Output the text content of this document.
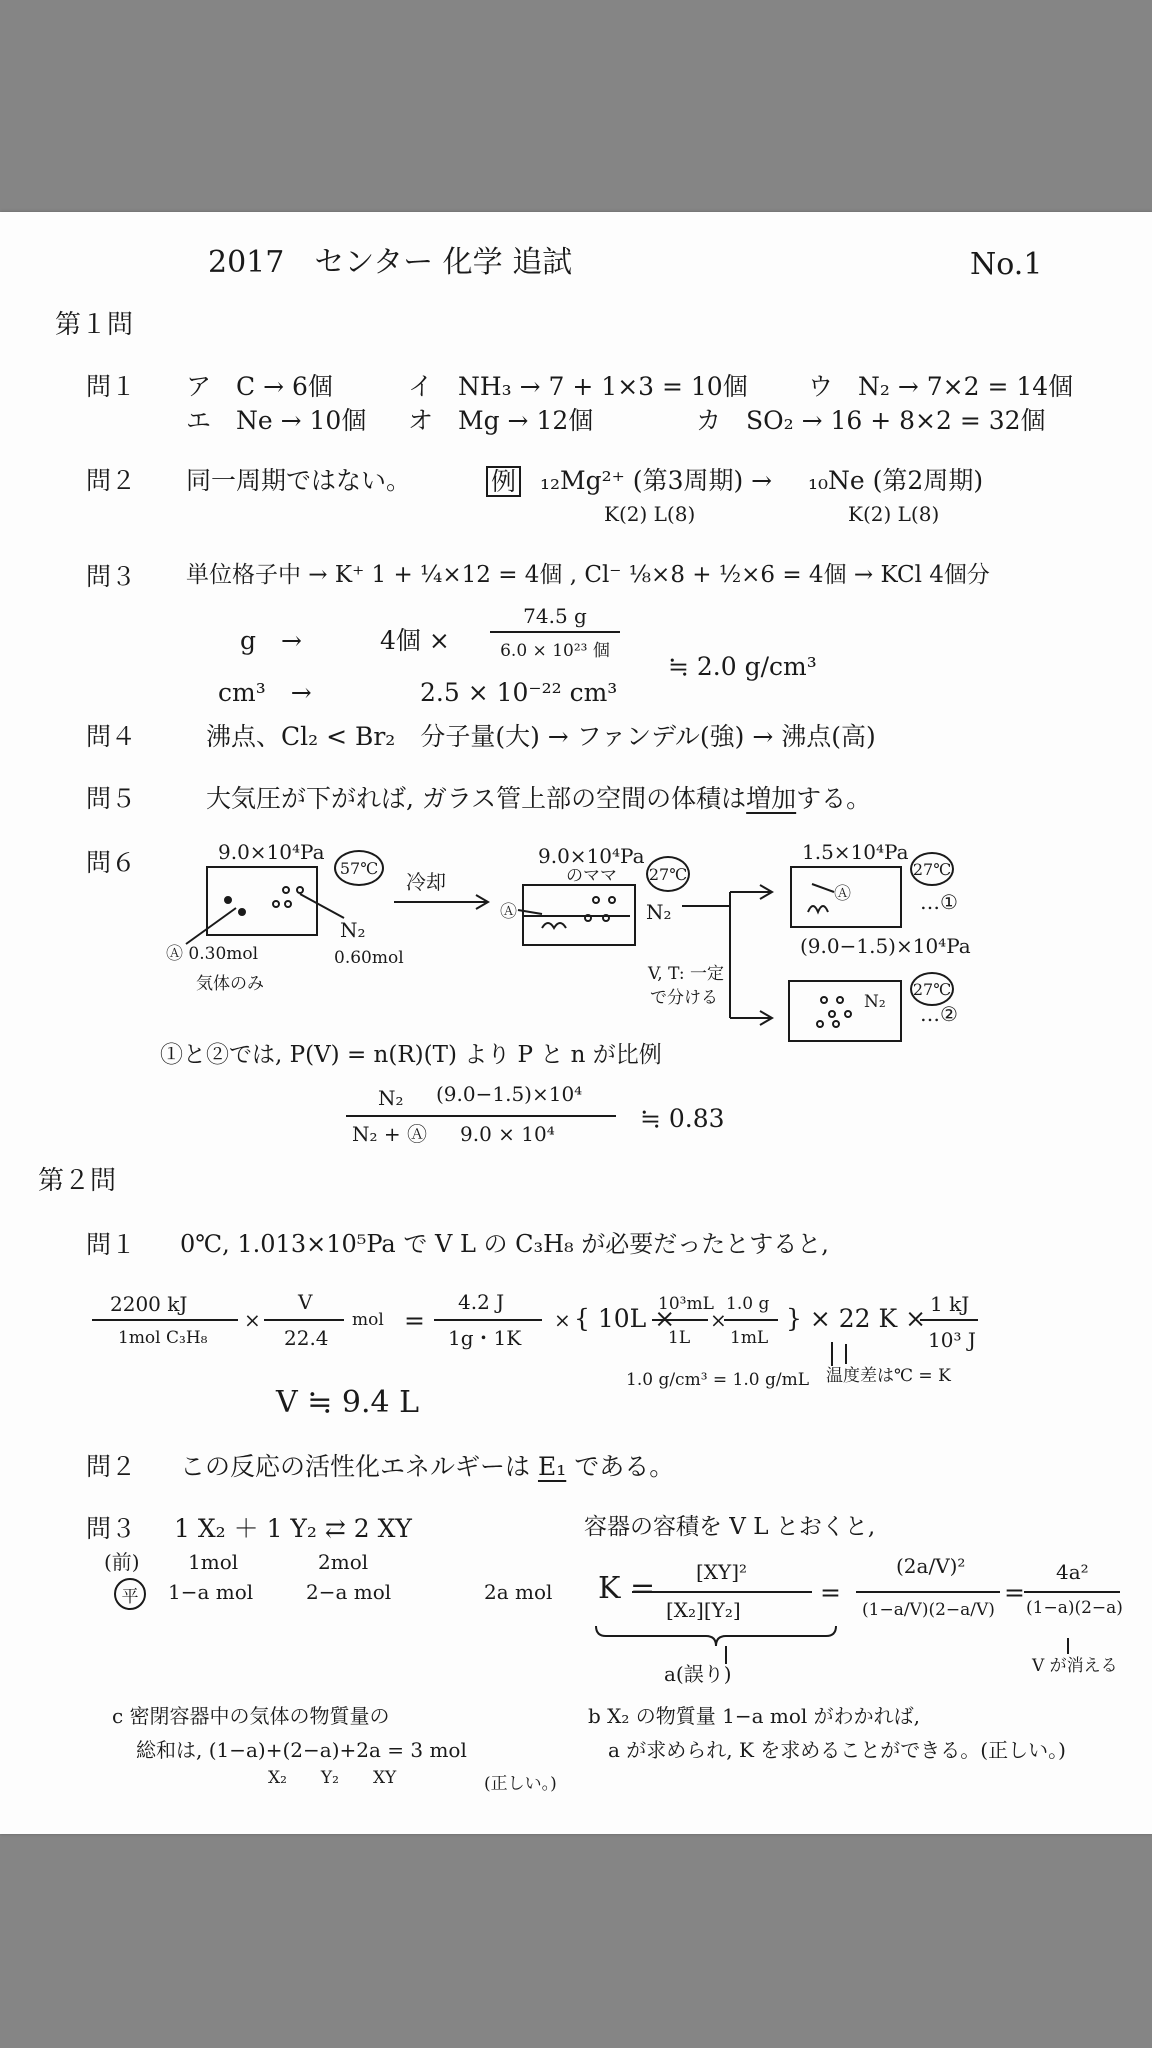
2017　センター 化学 追試	No.1
第１問
問１ ア　C → 6個	イ　NH₃ → 7 + 1×3 = 10個 ウ　N₂ → 7×2 = 14個
エ　Ne → 10個 オ　Mg → 12個	カ　SO₂ → 16 + 8×2 = 32個
問２ 同一周期ではない。	例 ₁₂Mg²⁺ (第3周期) → ₁₀Ne (第2周期)
K(2) L(8)	K(2) L(8)
問３ 単位格子中 → K⁺ 1 + ¼×12 = 4個 , Cl⁻ ⅛×8 + ½×6 = 4個 → KCl 4個分
g　→	4個 ×
74.5 g
6.0 × 10²³ 個
cm³　→	2.5 × 10⁻²² cm³
≒ 2.0 g/cm³
問４	沸点、Cl₂ < Br₂　分子量(大) → ファンデル(強) → 沸点(高)
問５	大気圧が下がれば, ガラス管上部の空間の体積は増加する。
問６	9.0×10⁴Pa
57℃
N₂
Ⓐ 0.30mol
気体のみ
0.60mol
冷却
9.0×10⁴Pa
のママ 27℃
Ⓐ	N₂
V, T: 一定
で分ける
1.5×10⁴Pa
27℃
Ⓐ	…①
(9.0−1.5)×10⁴Pa
27℃
N₂ …②
①と②では, P(V) = n(R)(T) より P と n が比例
N₂ (9.0−1.5)×10⁴
N₂ + Ⓐ 9.0 × 10⁴
≒ 0.83
第２問
問１ 0℃, 1.013×10⁵Pa で V L の C₃H₈ が必要だったとすると,
2200 kJ
1mol C₃H₈
×
V
22.4
mol =
4.2 J
1g・1K
× { 10L ×
10³mL
1L
×
1.0 g
1mL
} × 22 K × 1 kJ
10³ J
1.0 g/cm³ = 1.0 g/mL 温度差は℃ = K
V ≒ 9.4 L
問２ この反応の活性化エネルギーは E₁ である。
問３ 1 X₂ ＋ 1 Y₂ ⇄ 2 XY	容器の容積を V L とおくと,
(前) 1mol	2mol
平	1−a mol	2−a mol	2a mol K = [XY]²
[X₂][Y₂]
=
(2a/V)²
(1−a/V)(2−a/V)
=
4a²
(1−a)(2−a)
V が消える
a(誤り)
c 密閉容器中の気体の物質量の
総和は, (1−a)+(2−a)+2a = 3 mol
X₂　　Y₂　　XY	(正しい。)
b X₂ の物質量 1−a mol がわかれば,
a が求められ, K を求めることができる。(正しい。)
